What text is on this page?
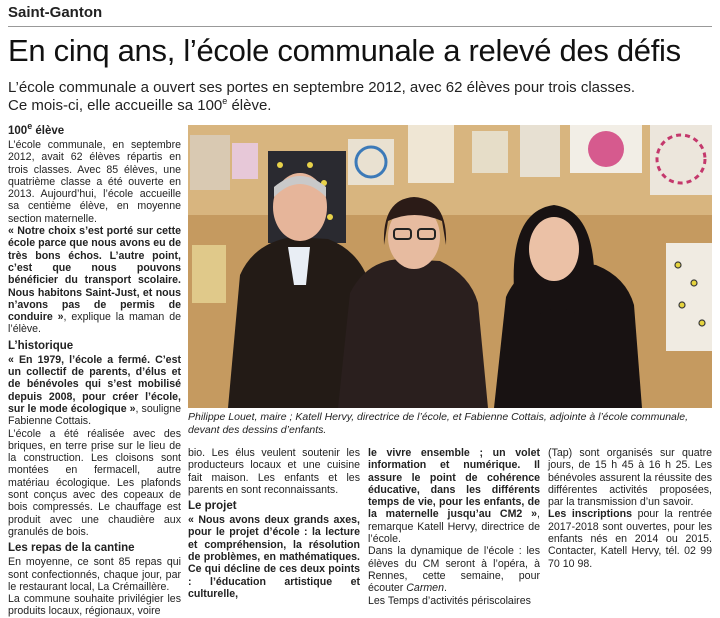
Saint-Ganton
En cinq ans, l’école communale a relevé des défis
L’école communale a ouvert ses portes en septembre 2012, avec 62 élèves pour trois classes.
Ce mois-ci, elle accueille sa 100e élève.
100e élève

L’école communale, en septembre 2012, avait 62 élèves répartis en trois classes. Avec 85 élèves, une quatrième classe a été ouverte en 2013. Aujourd’hui, l’école accueille sa centième élève, en moyenne section maternelle.

« Notre choix s’est porté sur cette école parce que nous avons eu de très bons échos. L’autre point, c’est que nous pouvons bénéficier du transport scolaire. Nous habitons Saint-Just, et nous n’avons pas de permis de conduire », explique la maman de l’élève.

L’historique

« En 1979, l’école a fermé. C’est un collectif de parents, d’élus et de bénévoles qui s’est mobilisé depuis 2008, pour créer l’école, sur le mode écologique », souligne Fabienne Cottais.

L’école a été réalisée avec des briques, en terre prise sur le lieu de la construction. Les cloisons sont montées en fermacell, autre matériau écologique. Les plafonds sont conçus avec des copeaux de bois compressés. Le chauffage est produit avec une chaudière aux granulés de bois.

Les repas de la cantine

En moyenne, ce sont 85 repas qui sont confectionnés, chaque jour, par le restaurant local, La Crémaillère.

La commune souhaite privilégier les produits locaux, régionaux, voire

Philippe Louet, maire ; Katell Hervy, directrice de l’école, et Fabienne Cottais, adjointe à l’école communale, devant des dessins d’enfants.

bio. Les élus veulent soutenir les producteurs locaux et une cuisine fait maison. Les enfants et les parents en sont reconnaissants.

Le projet

« Nous avons deux grands axes, pour le projet d’école : la lecture et compréhension, la résolution de problèmes, en mathématiques. Ce qui décline de ces deux points : l’éducation artistique et culturelle,

le vivre ensemble ; un volet information et numérique. Il assure le point de cohérence éducative, dans les différents temps de vie, pour les enfants, de la maternelle jusqu’au CM2 », remarque Katell Hervy, directrice de l’école.

Dans la dynamique de l’école : les élèves du CM seront à l’opéra, à Rennes, cette semaine, pour écouter Carmen.

Les Temps d’activités périscolaires

(Tap) sont organisés sur quatre jours, de 15 h 45 à 16 h 25. Les bénévoles assurent la réussite des différentes activités proposées, par la transmission d’un savoir.

Les inscriptions pour la rentrée 2017-2018 sont ouvertes, pour les enfants nés en 2014 ou 2015. Contacter, Katell Hervy, tél. 02 99 70 10 98.
